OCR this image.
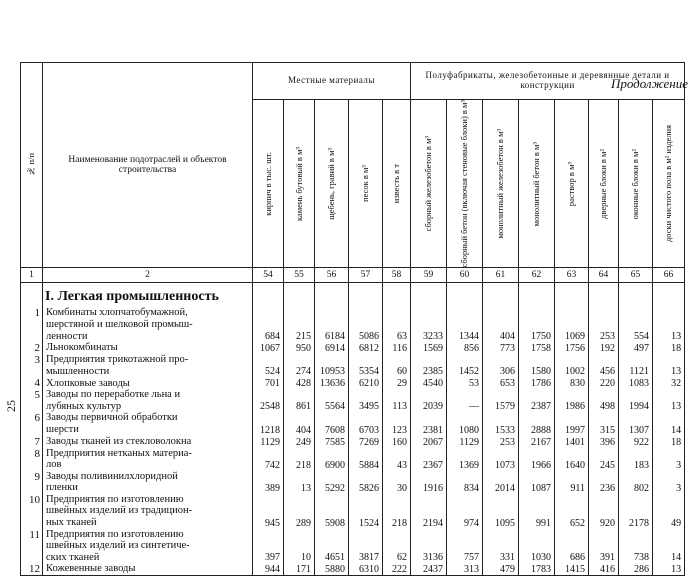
Продолжение
25
№ п/п	Наименование подотраслей и объектов строительства	Местные материалы					Полуфабрикаты, железобетонные и деревянные детали и конструкции							

		кирпич в тыс. шт.	камень бутовый в м³	щебень, гравий в м³	песок в м³	известь в т	сборный железобетон в м³	сборный бетон (включая стеновые блоки) в м³	монолитный железобетон в м³	монолитный бетон в м³	раствор в м³	дверные блоки в м²	оконные блоки в м²	доски чистого пола в м² изделия

1	2	54	55	56	57	58	59	60	61	62	63	64	65	66
	I. Легкая промышленность													
1	Комбинаты хлопчатобумажной,
шерстяной и шелковой промыш-
ленности	684	215	6184	5086	63	3233	1344	404	1750	1069	253	554	13
2	Льнокомбинаты	1067	950	6914	6812	116	1569	856	773	1758	1756	192	497	18
3	Предприятия трикотажной про-
мышленности	524	274	10953	5354	60	2385	1452	306	1580	1002	456	1121	13
4	Хлопковые заводы	701	428	13636	6210	29	4540	53	653	1786	830	220	1083	32
5	Заводы по переработке льна и
лубяных культур	2548	861	5564	3495	113	2039	—	1579	2387	1986	498	1994	13
6	Заводы первичной обработки
шерсти	1218	404	7608	6703	123	2381	1080	1533	2888	1997	315	1307	14
7	Заводы тканей из стекловолокна	1129	249	7585	7269	160	2067	1129	253	2167	1401	396	922	18
8	Предприятия нетканых материа-
лов	742	218	6900	5884	43	2367	1369	1073	1966	1640	245	183	3
9	Заводы поливинилхлоридной
пленки	389	13	5292	5826	30	1916	834	2014	1087	911	236	802	3
10	Предприятия по изготовлению
швейных изделий из традицион-
ных тканей	945	289	5908	1524	218	2194	974	1095	991	652	920	2178	49
11	Предприятия по изготовлению
швейных изделий из синтетиче-
ских тканей	397	10	4651	3817	62	3136	757	331	1030	686	391	738	14
12	Кожевенные заводы	944	171	5880	6310	222	2437	313	479	1783	1415	416	286	13
